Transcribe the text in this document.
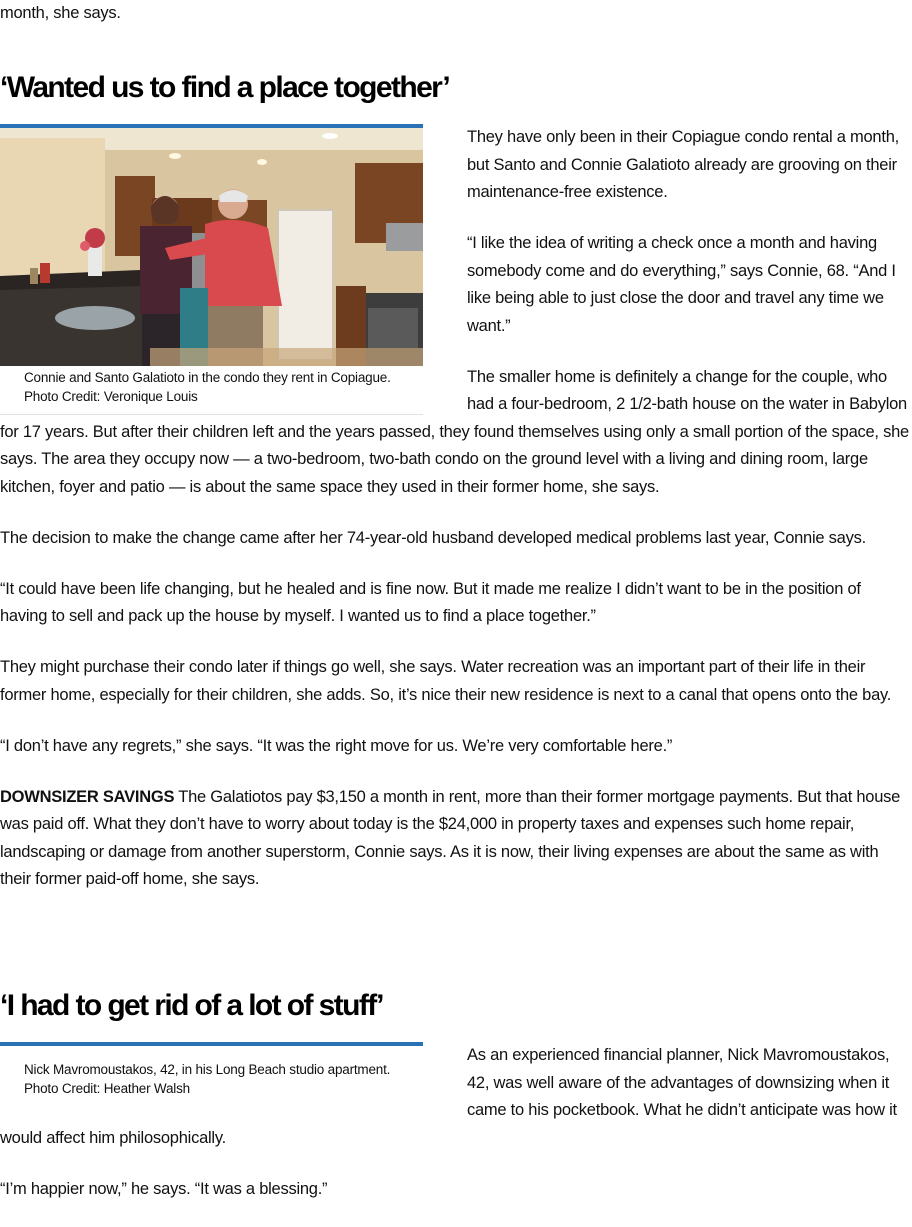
month, she says.

‘Wanted us to find a place together’
Connie and Santo Galatioto in the condo they rent in Copiague.
Photo Credit: Veronique Louis

They have only been in their Copiague condo rental a month, but Santo and Connie Galatioto already are grooving on their maintenance-free existence.

“I like the idea of writing a check once a month and having somebody come and do everything,” says Connie, 68. “And I like being able to just close the door and travel any time we want.”

The smaller home is definitely a change for the couple, who had a four-bedroom, 2 1/2-bath house on the water in Babylon for 17 years. But after their children left and the years passed, they found themselves using only a small portion of the space, she says. The area they occupy now — a two-bedroom, two-bath condo on the ground level with a living and dining room, large kitchen, foyer and patio — is about the same space they used in their former home, she says.

The decision to make the change came after her 74-year-old husband developed medical problems last year, Connie says.

“It could have been life changing, but he healed and is fine now. But it made me realize I didn’t want to be in the position of having to sell and pack up the house by myself. I wanted us to find a place together.”

They might purchase their condo later if things go well, she says. Water recreation was an important part of their life in their former home, especially for their children, she adds. So, it’s nice their new residence is next to a canal that opens onto the bay.

“I don’t have any regrets,” she says. “It was the right move for us. We’re very comfortable here.”

DOWNSIZER SAVINGS The Galatiotos pay $3,150 a month in rent, more than their former mortgage payments. But that house was paid off. What they don’t have to worry about today is the $24,000 in property taxes and expenses such home repair, landscaping or damage from another superstorm, Connie says. As it is now, their living expenses are about the same as with their former paid-off home, she says.

‘I had to get rid of a lot of stuff’
Nick Mavromoustakos, 42, in his Long Beach studio apartment.
Photo Credit: Heather Walsh

As an experienced financial planner, Nick Mavromoustakos, 42, was well aware of the advantages of downsizing when it came to his pocketbook. What he didn’t anticipate was how it would affect him philosophically.

“I’m happier now,” he says. “It was a blessing.”
